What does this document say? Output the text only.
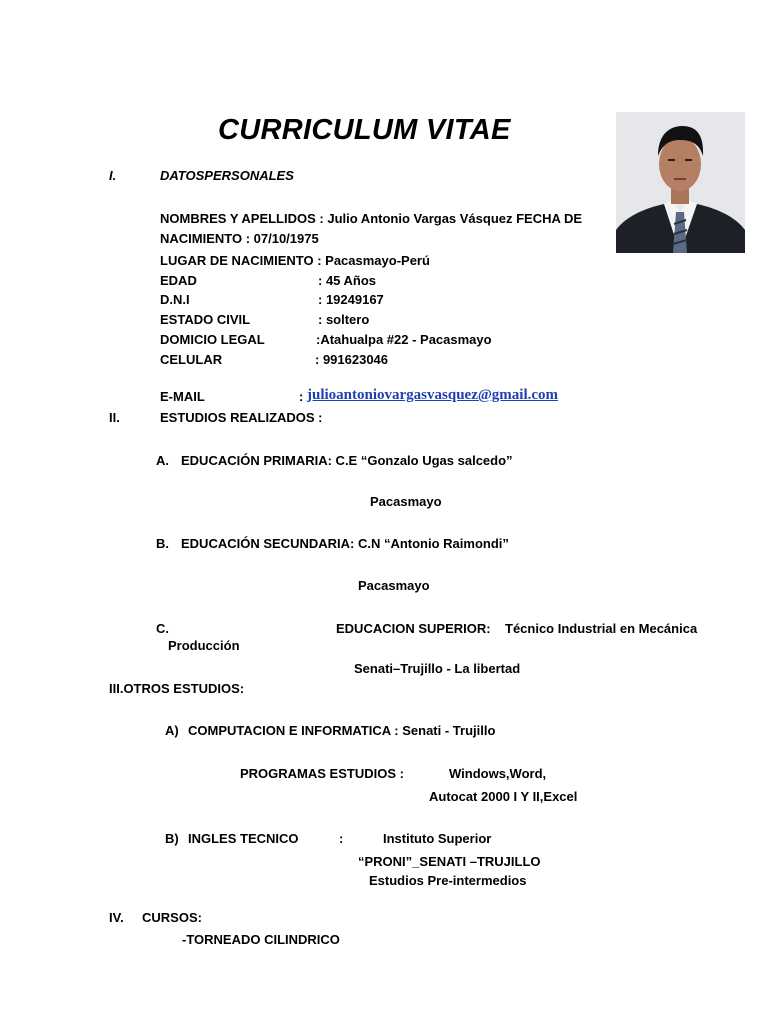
CURRICULUM VITAE
I.	DATOSPERSONALES
NOMBRES Y APELLIDOS : Julio Antonio Vargas Vásquez FECHA DE
NACIMIENTO : 07/10/1975
LUGAR DE NACIMIENTO : Pacasmayo-Perú
EDAD	: 45 Años
D.N.I	: 19249167
ESTADO CIVIL	: soltero
DOMICIO LEGAL	:Atahualpa #22 - Pacasmayo
CELULAR	: 991623046
E-MAIL	: julioantoniovargasvasquez@gmail.com
II.	ESTUDIOS REALIZADOS :
A. EDUCACIÓN PRIMARIA: C.E “Gonzalo Ugas salcedo”
Pacasmayo
B. EDUCACIÓN SECUNDARIA: C.N “Antonio Raimondi”
Pacasmayo
C.	EDUCACION SUPERIOR: Técnico Industrial en Mecánica
Producción
Senati–Trujillo - La libertad
III.OTROS ESTUDIOS:
A) COMPUTACION E INFORMATICA : Senati - Trujillo
PROGRAMAS ESTUDIOS :	Windows,Word,
Autocat 2000 I Y II,Excel
B) INGLES TECNICO	:	Instituto Superior
“PRONI”_SENATI –TRUJILLO
Estudios Pre-intermedios
IV. CURSOS:
-TORNEADO CILINDRICO
